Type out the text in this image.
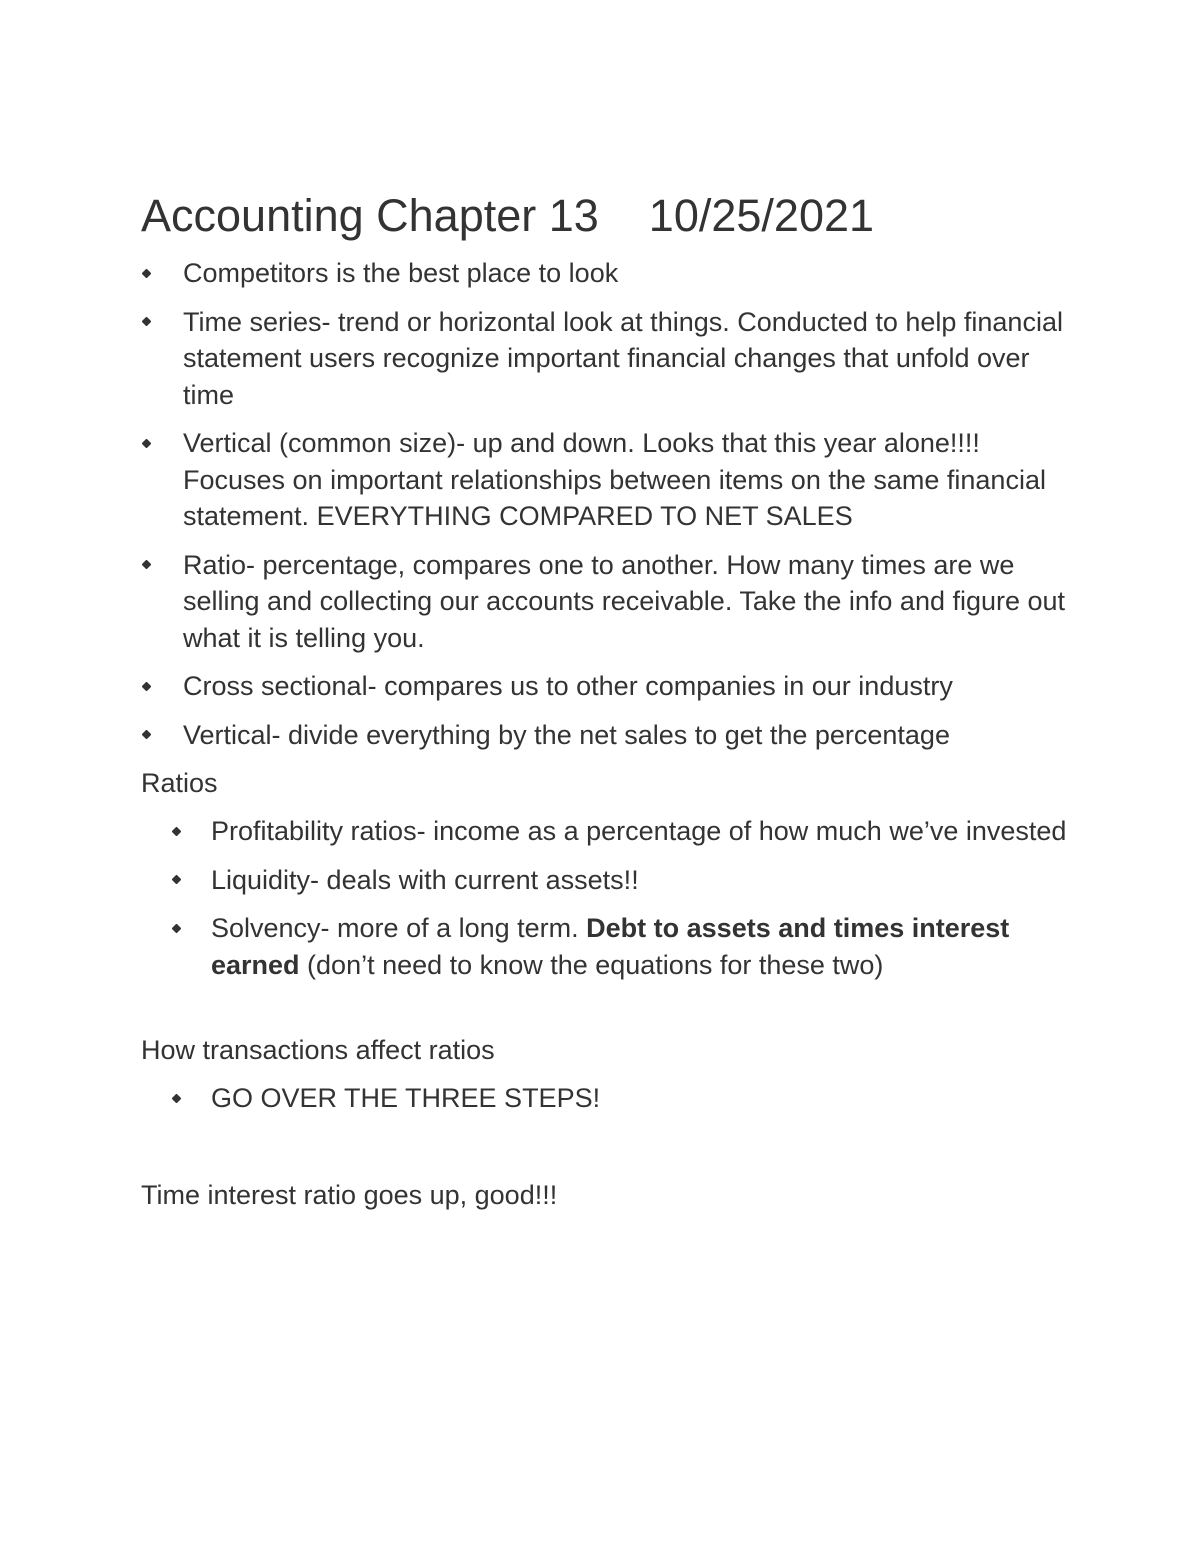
Accounting Chapter 13    10/25/2021
Competitors is the best place to look
Time series- trend or horizontal look at things. Conducted to help financial statement users recognize important financial changes that unfold over time
Vertical (common size)- up and down. Looks that this year alone!!!! Focuses on important relationships between items on the same financial statement. EVERYTHING COMPARED TO NET SALES
Ratio- percentage, compares one to another. How many times are we selling and collecting our accounts receivable. Take the info and figure out what it is telling you.
Cross sectional- compares us to other companies in our industry
Vertical- divide everything by the net sales to get the percentage
Ratios
Profitability ratios- income as a percentage of how much we’ve invested
Liquidity- deals with current assets!!
Solvency- more of a long term. Debt to assets and times interest earned (don’t need to know the equations for these two)
How transactions affect ratios
GO OVER THE THREE STEPS!
Time interest ratio goes up, good!!!
